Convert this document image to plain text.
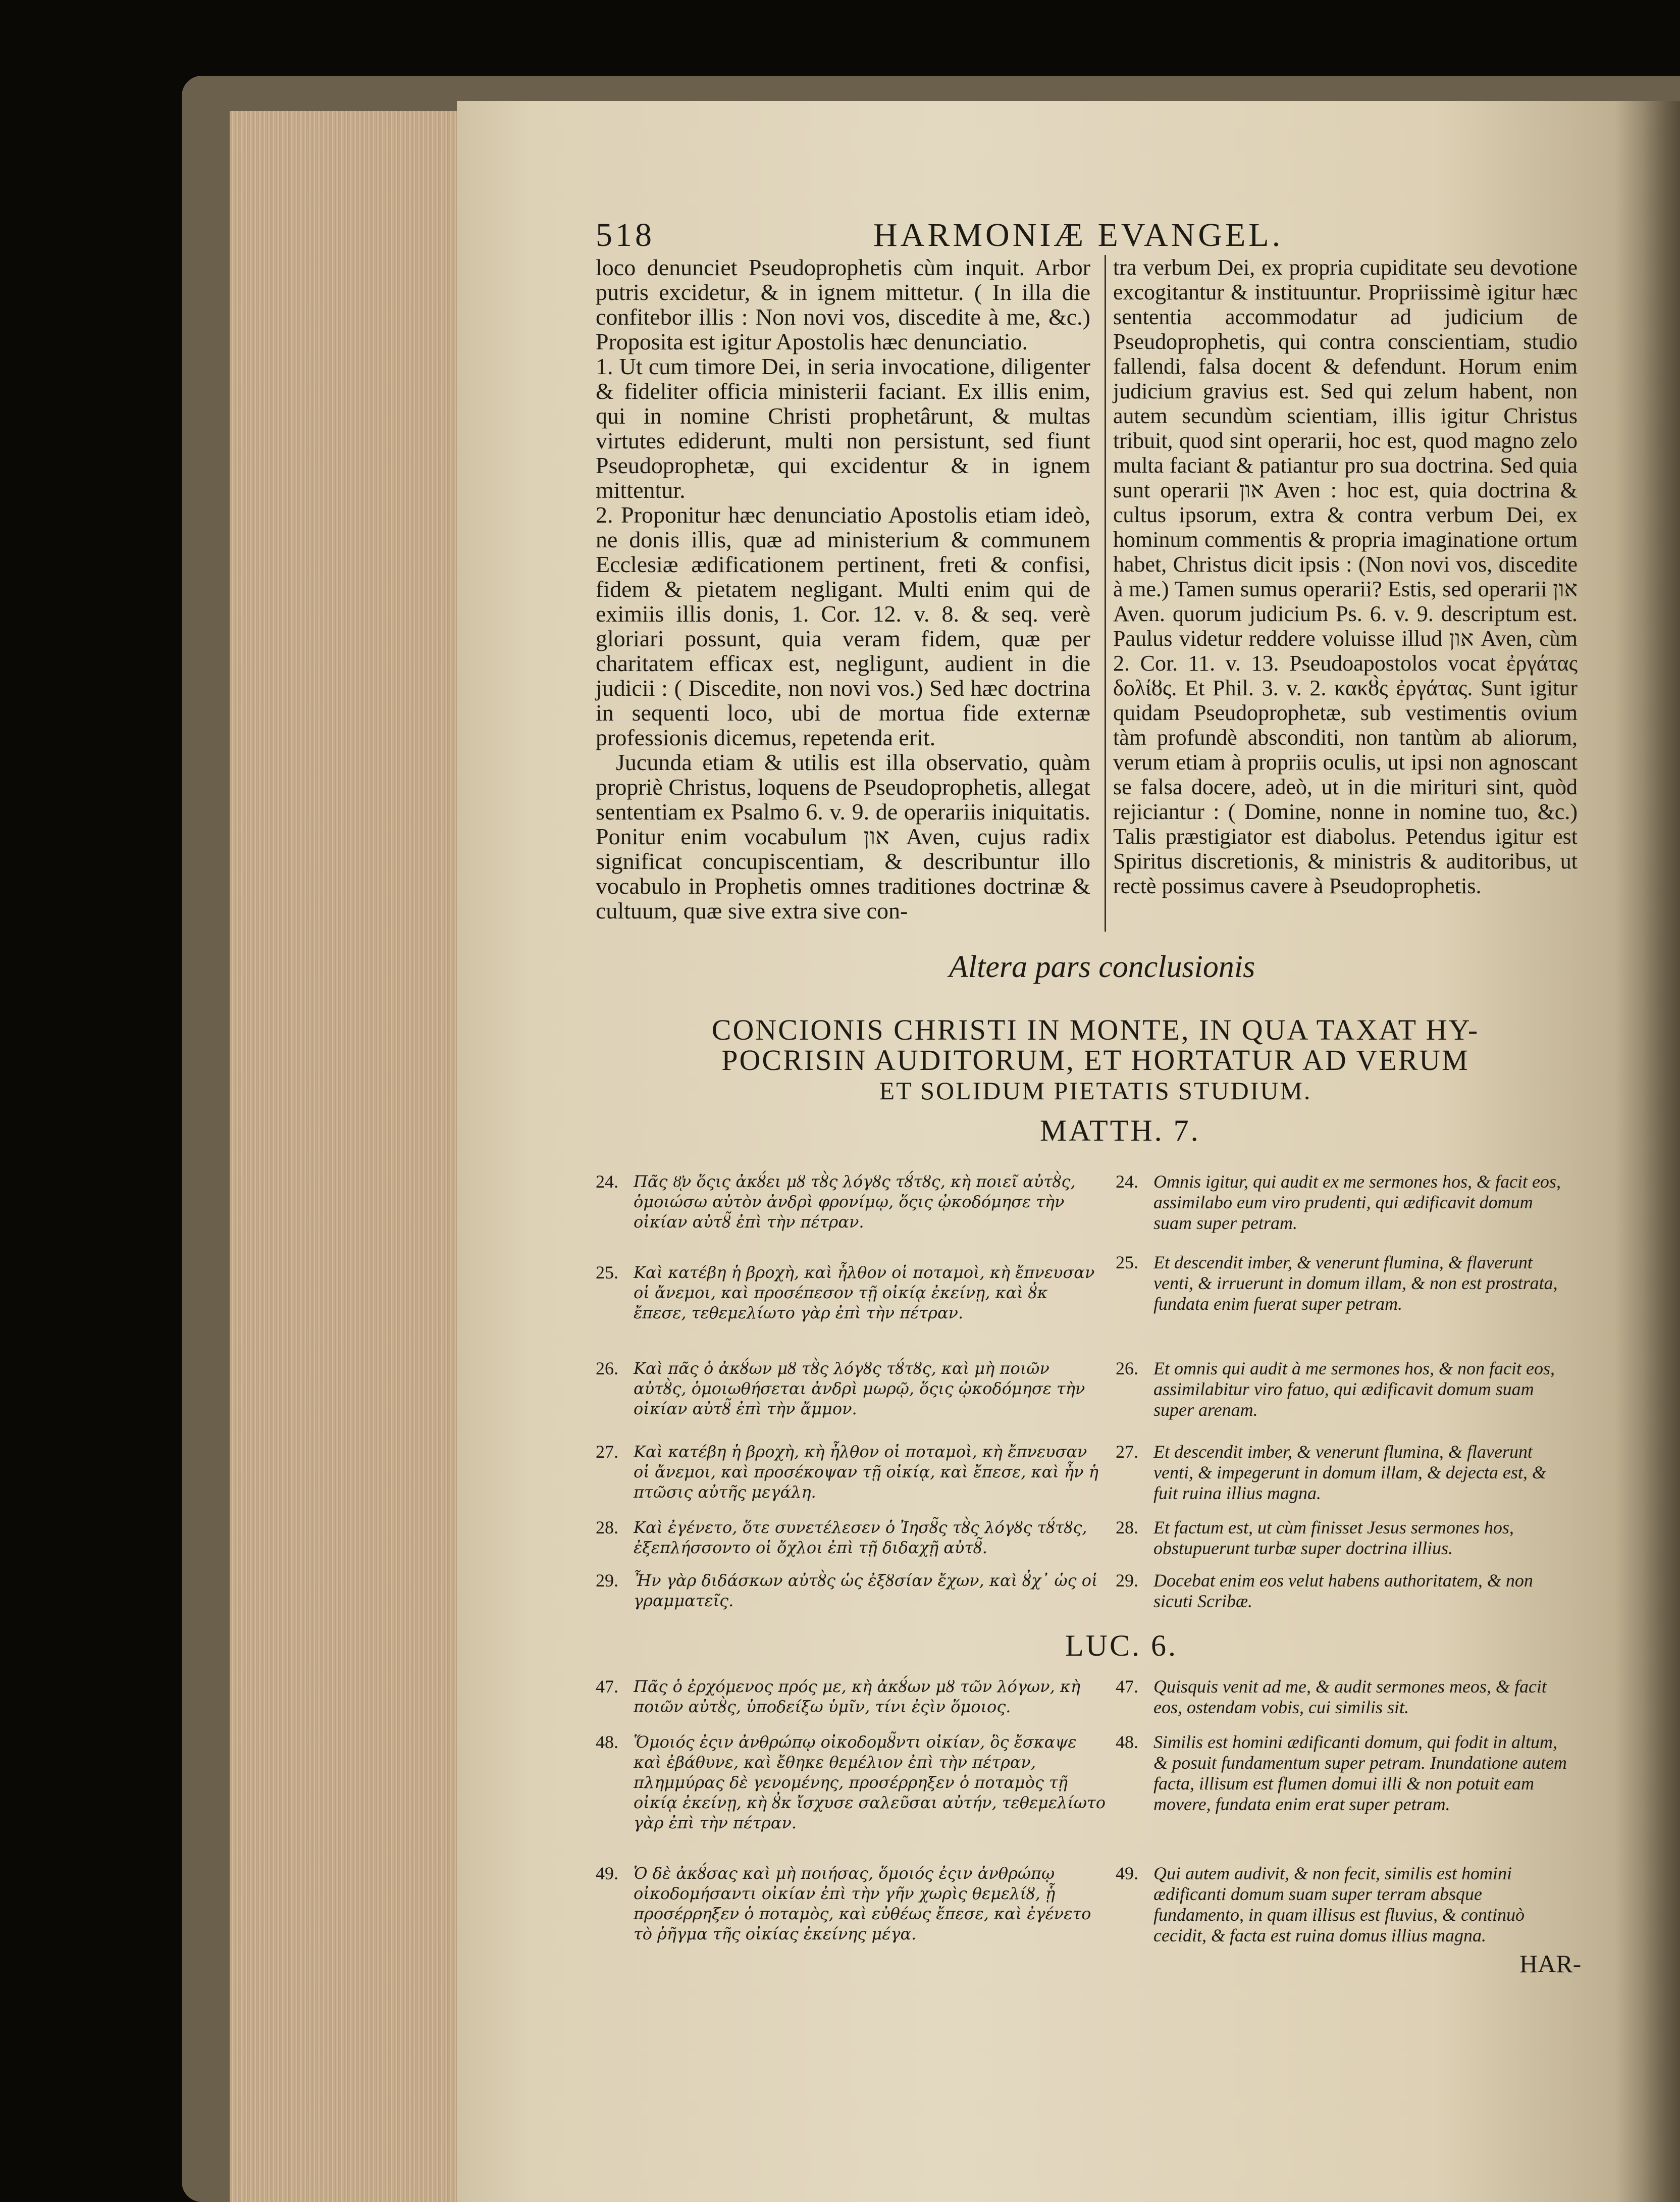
518	HARMONIÆ EVANGEL.

loco denunciet Pseudoprophetis cùm inquit. Arbor putris excidetur, & in ignem mittetur. ( In illa die confitebor illis : Non novi vos, discedite à me, &c.) Proposita est igitur Apostolis hæc denunciatio.

1. Ut cum timore Dei, in seria invocatione, diligenter & fideliter officia ministerii faciant. Ex illis enim, qui in nomine Christi prophetârunt, & multas virtutes ediderunt, multi non persistunt, sed fiunt Pseudoprophetæ, qui excidentur & in ignem mittentur.

2. Proponitur hæc denunciatio Apostolis etiam ideò, ne donis illis, quæ ad ministerium & communem Ecclesiæ ædificationem pertinent, freti & confisi, fidem & pietatem negligant. Multi enim qui de eximiis illis donis, 1. Cor. 12. v. 8. & seq. verè gloriari possunt, quia veram fidem, quæ per charitatem efficax est, negligunt, audient in die judicii : ( Discedite, non novi vos.) Sed hæc doctrina in sequenti loco, ubi de mortua fide externæ professionis dicemus, repetenda erit.

Jucunda etiam & utilis est illa observatio, quàm propriè Christus, loquens de Pseudoprophetis, allegat sententiam ex Psalmo 6. v. 9. de operariis iniquitatis. Ponitur enim vocabulum און Aven, cujus radix significat concupiscentiam, & describuntur illo vocabulo in Prophetis omnes traditiones doctrinæ & cultuum, quæ sive extra sive con-

tra verbum Dei, ex propria cupiditate seu devotione excogitantur & instituuntur. Propriissimè igitur hæc sententia accommodatur ad judicium de Pseudoprophetis, qui contra conscientiam, studio fallendi, falsa docent & defendunt. Horum enim judicium gravius est. Sed qui zelum habent, non autem secundùm scientiam, illis igitur Christus tribuit, quod sint operarii, hoc est, quod magno zelo multa faciant & patiantur pro sua doctrina. Sed quia sunt operarii און Aven : hoc est, quia doctrina & cultus ipsorum, extra & contra verbum Dei, ex hominum commentis & propria imaginatione ortum habet, Christus dicit ipsis : (Non novi vos, discedite à me.) Tamen sumus operarii? Estis, sed operarii און Aven. quorum judicium Ps. 6. v. 9. descriptum est. Paulus videtur reddere voluisse illud און Aven, cùm 2. Cor. 11. v. 13. Pseudoapostolos vocat ἐργάτας δολίȣς. Et Phil. 3. v. 2. κακȣ̀ς ἐργάτας. Sunt igitur quidam Pseudoprophetæ, sub vestimentis ovium tàm profundè absconditi, non tantùm ab aliorum, verum etiam à propriis oculis, ut ipsi non agnoscant se falsa docere, adeò, ut in die mirituri sint, quòd rejiciantur : ( Domine, nonne in nomine tuo, &c.) Talis præstigiator est diabolus. Petendus igitur est Spiritus discretionis, & ministris & auditoribus, ut rectè possimus cavere à Pseudoprophetis.

Altera pars conclusionis
CONCIONIS CHRISTI IN MONTE, IN QUA TAXAT HY-
POCRISIN AUDITORUM, ET HORTATUR AD VERUM
ET SOLIDUM PIETATIS STUDIUM.
MATTH. 7.
24. Πᾶς ȣ̓ͅν ὅςις ἀκȣ́ει μȣ τȣ̀ς λόγȣς τȣ́τȣς, κὴ ποιεῖ αὐτȣ̀ς, ὁμοιώσω αὐτὸν ἀνδρὶ φρονίμῳ, ὅςις ᾠκοδόμησε τὴν οἰκίαν αὐτȣ̃ ἐπὶ τὴν πέτραν.
24. Omnis igitur, qui audit ex me sermones hos, & facit eos, assimilabo eum viro prudenti, qui ædificavit domum suam super petram.
25. Καὶ κατέβη ἡ βροχὴ, καὶ ἦλθον οἱ ποταμοὶ, κὴ ἔπνευσαν οἱ ἄνεμοι, καὶ προσέπεσον τῇ οἰκίᾳ ἐκείνῃ, καὶ ȣ̓κ ἔπεσε, τεθεμελίωτο γὰρ ἐπὶ τὴν πέτραν.
25. Et descendit imber, & venerunt flumina, & flaverunt venti, & irruerunt in domum illam, & non est prostrata, fundata enim fuerat super petram.
26. Καὶ πᾶς ὁ ἀκȣ́ων μȣ τȣ̀ς λόγȣς τȣ́τȣς, καὶ μὴ ποιῶν αὐτȣ̀ς, ὁμοιωθήσεται ἀνδρὶ μωρῷ, ὅςις ᾠκοδόμησε τὴν οἰκίαν αὐτȣ̃ ἐπὶ τὴν ἄμμον.
26. Et omnis qui audit à me sermones hos, & non facit eos, assimilabitur viro fatuo, qui ædificavit domum suam super arenam.
27. Καὶ κατέβη ἡ βροχὴ, κὴ ἦλθον οἱ ποταμοὶ, κὴ ἔπνευσαν οἱ ἄνεμοι, καὶ προσέκοψαν τῇ οἰκίᾳ, καὶ ἔπεσε, καὶ ἦν ἡ πτῶσις αὐτῆς μεγάλη.
27. Et descendit imber, & venerunt flumina, & flaverunt venti, & impegerunt in domum illam, & dejecta est, & fuit ruina illius magna.
28. Καὶ ἐγένετο, ὅτε συνετέλεσεν ὁ Ἰησȣ̃ς τȣ̀ς λόγȣς τȣ́τȣς, ἐξεπλήσσοντο οἱ ὄχλοι ἐπὶ τῇ διδαχῇ αὐτȣ̃.
28. Et factum est, ut cùm finisset Jesus sermones hos, obstupuerunt turbæ super doctrina illius.
29. Ἦν γὰρ διδάσκων αὐτȣ̀ς ὡς ἐξȣσίαν ἔχων, καὶ ȣ̓χ᾽ ὡς οἱ γραμματεῖς.
29. Docebat enim eos velut habens authoritatem, & non sicuti Scribæ.
LUC. 6.
47. Πᾶς ὁ ἐρχόμενος πρός με, κὴ ἀκȣ́ων μȣ τῶν λόγων, κὴ ποιῶν αὐτȣ̀ς, ὑποδείξω ὑμῖν, τίνι ἐςὶν ὅμοιος.
47. Quisquis venit ad me, & audit sermones meos, & facit eos, ostendam vobis, cui similis sit.
48. Ὅμοιός ἐςιν ἀνθρώπῳ οἰκοδομȣ̃ντι οἰκίαν, ὃς ἔσκαψε καὶ ἐβάθυνε, καὶ ἔθηκε θεμέλιον ἐπὶ τὴν πέτραν, πλημμύρας δὲ γενομένης, προσέρρηξεν ὁ ποταμὸς τῇ οἰκίᾳ ἐκείνῃ, κὴ ȣ̓κ ἴσχυσε σαλεῦσαι αὐτήν, τεθεμελίωτο γὰρ ἐπὶ τὴν πέτραν.
48. Similis est homini ædificanti domum, qui fodit in altum, & posuit fundamentum super petram. Inundatione autem facta, illisum est flumen domui illi & non potuit eam movere, fundata enim erat super petram.
49. Ὁ δὲ ἀκȣ́σας καὶ μὴ ποιήσας, ὅμοιός ἐςιν ἀνθρώπῳ οἰκοδομήσαντι οἰκίαν ἐπὶ τὴν γῆν χωρὶς θεμελίȣ, ᾗ προσέρρηξεν ὁ ποταμὸς, καὶ εὐθέως ἔπεσε, καὶ ἐγένετο τὸ ῥῆγμα τῆς οἰκίας ἐκείνης μέγα.
49. Qui autem audivit, & non fecit, similis est homini ædificanti domum suam super terram absque fundamento, in quam illisus est fluvius, & continuò cecidit, & facta est ruina domus illius magna.
HAR-
